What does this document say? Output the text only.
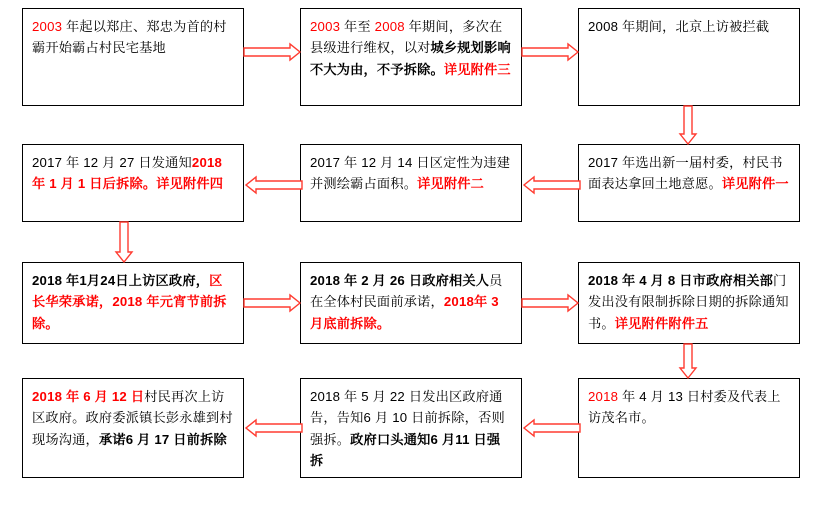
2003 年起以郑庄、郑忠为首的村霸开始霸占村民宅基地
2003 年至 2008 年期间，多次在县级进行维权，以对城乡规划影响不大为由，不予拆除。详见附件三
2008 年期间，北京上访被拦截
2017 年 12 月 27 日发通知2018 年 1 月 1 日后拆除。详见附件四
2017 年 12 月 14 日区定性为违建并测绘霸占面积。详见附件二
2017 年选出新一届村委，村民书面表达拿回土地意愿。详见附件一
2018 年1月24日上访区政府，区长华荣承诺，2018 年元宵节前拆除。
2018 年 2 月 26 日政府相关人员在全体村民面前承诺，2018年 3 月底前拆除。
2018 年 4 月 8 日市政府相关部门发出没有限制拆除日期的拆除通知书。详见附件附件五
2018 年 6 月 12 日村民再次上访区政府。政府委派镇长彭永雄到村现场沟通，承诺6 月 17 日前拆除
2018 年 5 月 22 日发出区政府通告，告知6 月 10 日前拆除，否则强拆。政府口头通知6 月11 日强拆
2018 年 4 月 13 日村委及代表上访茂名市。
